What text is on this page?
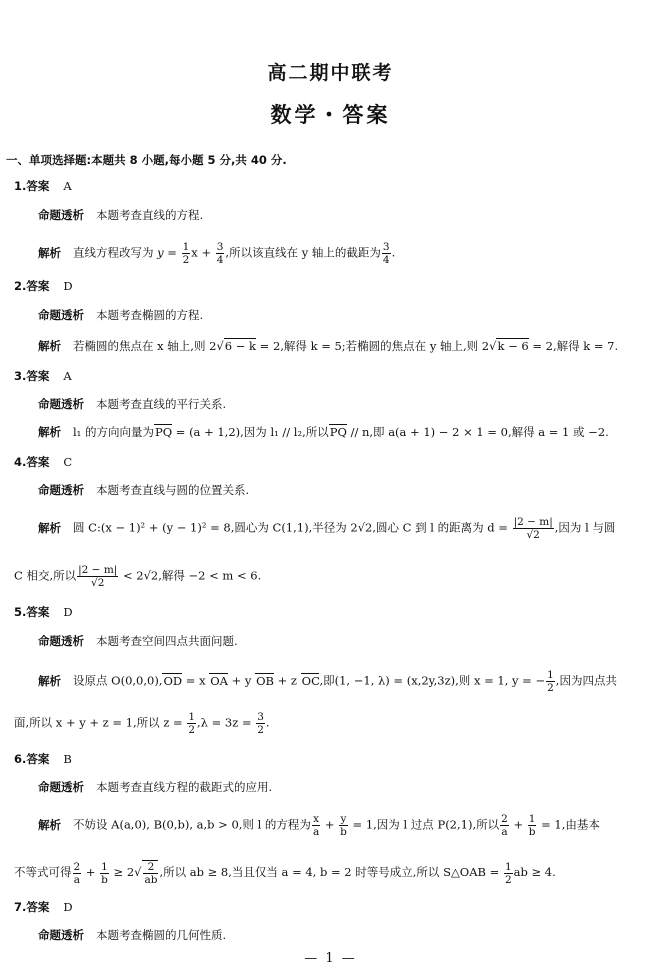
高二期中联考
数学・答案
一、单项选择题:本题共 8 小题,每小题 5 分,共 40 分.
1.答案 A
命题透析 本题考查直线的方程.
解析 直线方程改写为 $y = \frac{1}{2}$ $x + \frac{3}{4}$ ,所以该直线在 y 轴上的截距为 $\frac{3}{4}$ .
2.答案 D
命题透析 本题考查椭圆的方程.
解析 若椭圆的焦点在 x 轴上,则 2√6 − k = 2,解得 k = 5;若椭圆的焦点在 y 轴上,则 2√k − 6 = 2,解得 k = 7.
3.答案 A
命题透析 本题考查直线的平行关系.
解析 l₁ 的方向向量为PQ = (a + 1,2),因为 l₁ // l₂,所以PQ // n,即 a(a + 1) − 2 × 1 = 0,解得 a = 1 或 −2.
4.答案 C
命题透析 本题考查直线与圆的位置关系.
解析 圆 C:(x − 1)² + (y − 1)² = 8,圆心为 C(1,1),半径为 2√2,圆心 C 到 l 的距离为 $d = \frac{|2 - m|}{√2}$ ,因为 l 与圆
C 相交,所以 $\frac{|2 - m|}{√2} < 2√2$,解得 −2 < m < 6.
5.答案 D
命题透析 本题考查空间四点共面问题.
解析 设原点 O(0,0,0),OD = x OA + y OB + z OC,即(1, −1, λ) = (x,2y,3z),则 x = 1, y = − $\frac{1}{2}$ ,因为四点共
面,所以 x + y + z = 1,所以 $z = \frac{1}{2} ,\lambda = 3z = \frac{3}{2}$ .
6.答案 B
命题透析 本题考查直线方程的截距式的应用.
解析 不妨设 A(a,0), B(0,b), a,b > 0,则 l 的方程为 $\frac{x}{a} + \frac{y}{b} = 1$,因为 l 过点 P(2,1),所以 $\frac{2}{a} + \frac{1}{b} = 1$,由基本
不等式可得 $\frac{2}{a} + \frac{1}{b} \ge 2√ \frac{2}{ab}$ ,所以 ab ≥ 8,当且仅当 a = 4, b = 2 时等号成立,所以 S△OAB = $\frac{1}{2}$ ab ≥ 4.
7.答案 D
命题透析 本题考查椭圆的几何性质.
— 1 —
